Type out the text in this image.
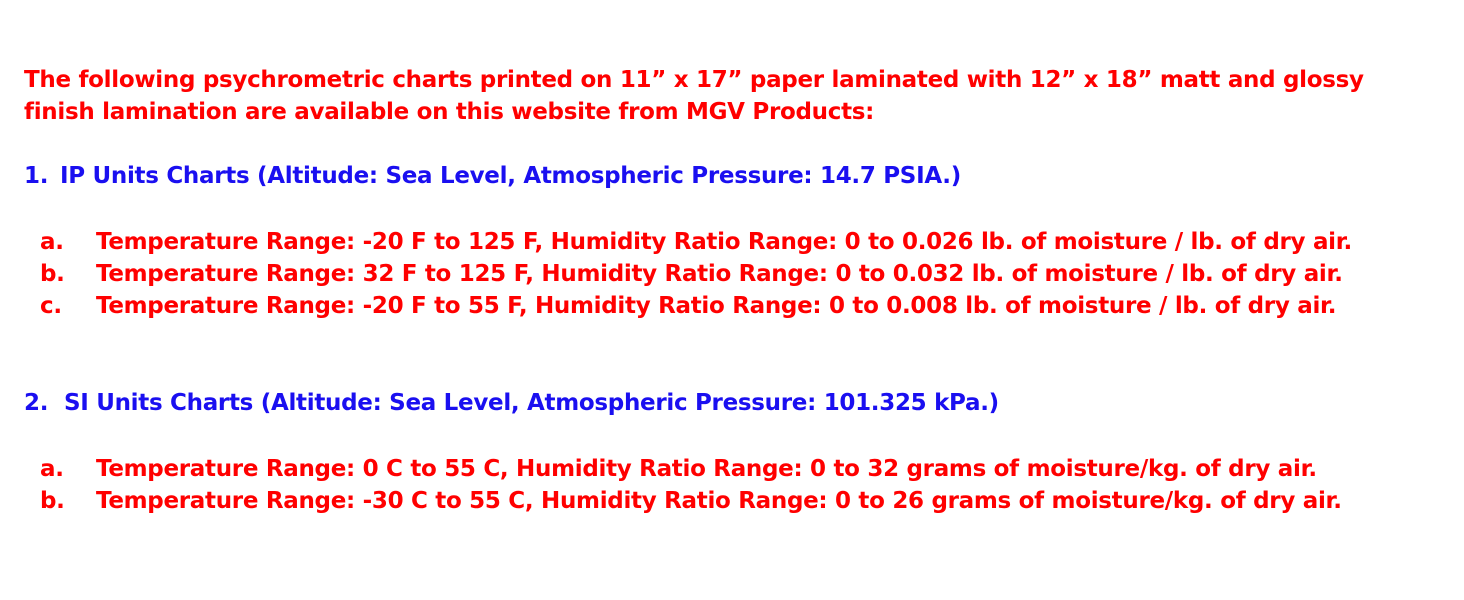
The following psychrometric charts printed on 11” x 17” paper laminated with 12” x 18” matt and glossy
finish lamination are available on this website from MGV Products:
1. IP Units Charts (Altitude: Sea Level, Atmospheric Pressure: 14.7 PSIA.)
a. Temperature Range: -20 F to 125 F, Humidity Ratio Range: 0 to 0.026 lb. of moisture / lb. of dry air.
b. Temperature Range: 32 F to 125 F, Humidity Ratio Range: 0 to 0.032 lb. of moisture / lb. of dry air.
c. Temperature Range: -20 F to 55 F, Humidity Ratio Range: 0 to 0.008 lb. of moisture / lb. of dry air.
2. SI Units Charts (Altitude: Sea Level, Atmospheric Pressure: 101.325 kPa.)
a. Temperature Range: 0 C to 55 C, Humidity Ratio Range: 0 to 32 grams of moisture/kg. of dry air.
b. Temperature Range: -30 C to 55 C, Humidity Ratio Range: 0 to 26 grams of moisture/kg. of dry air.
